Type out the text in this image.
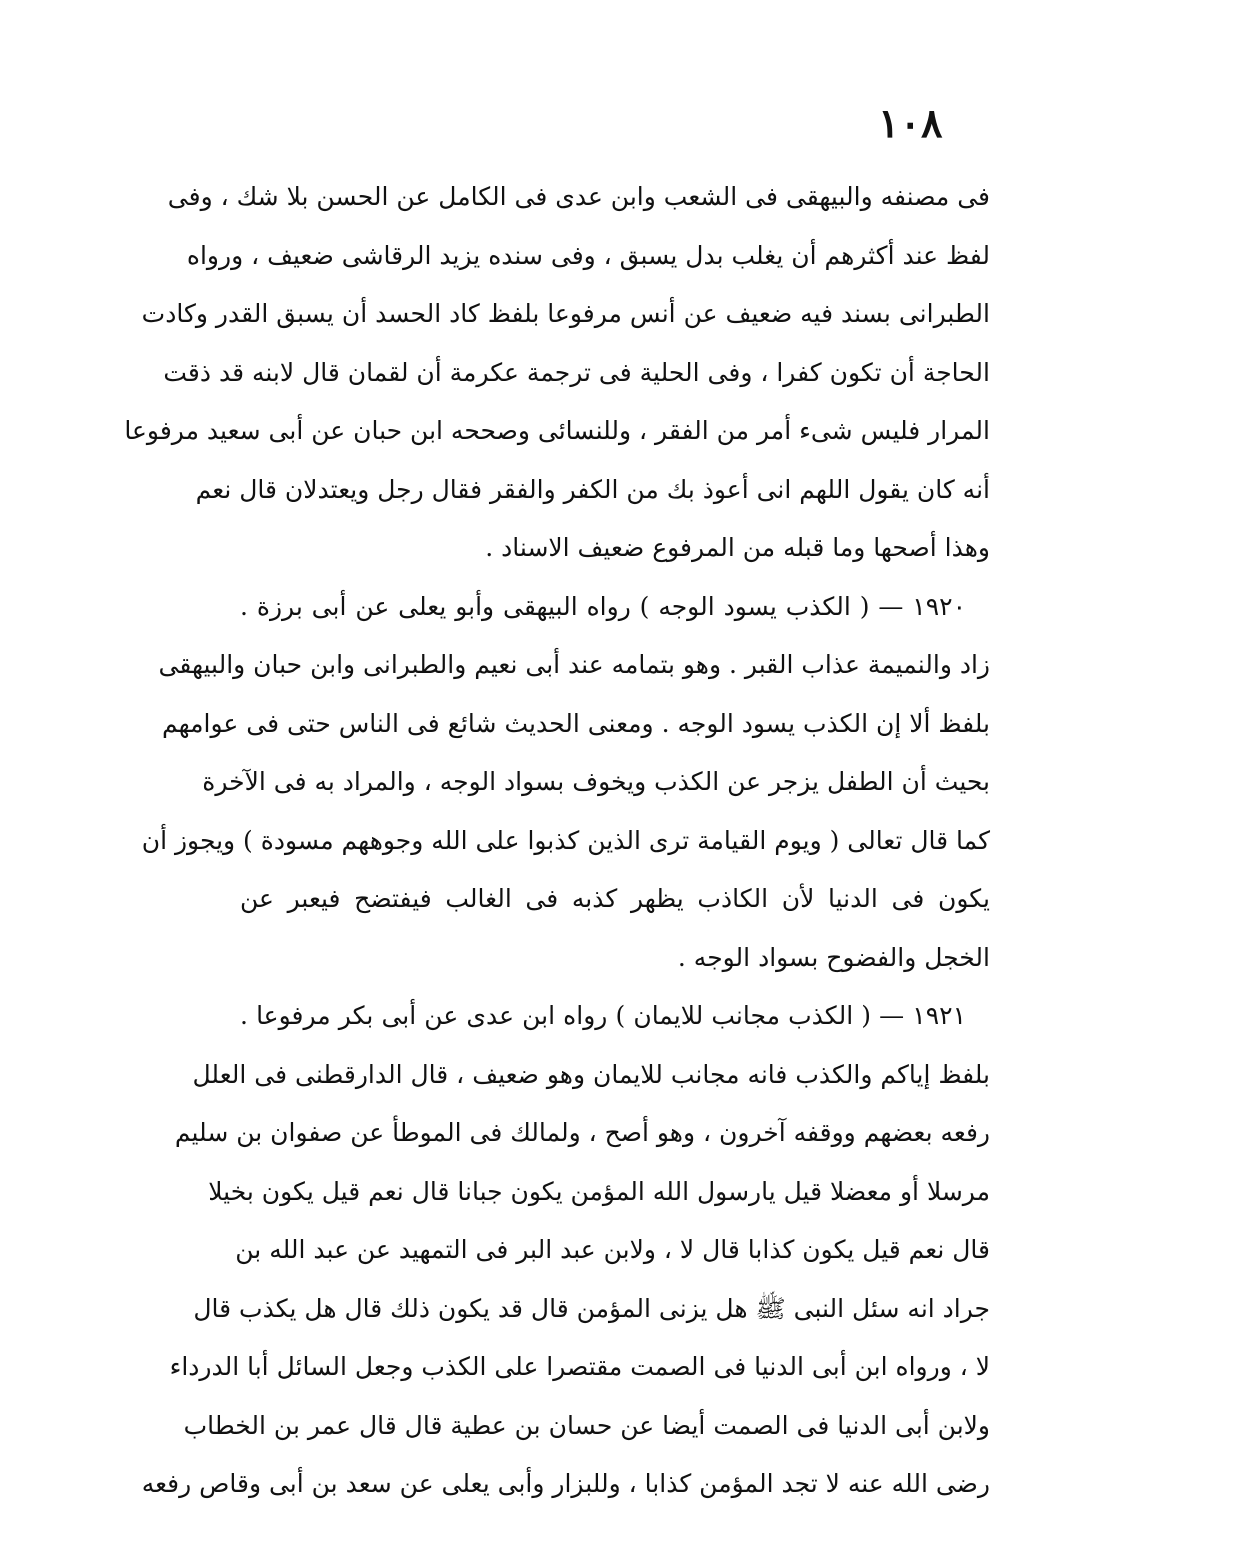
١٠٨
فى مصنفه والبيهقى فى الشعب وابن عدى فى الكامل عن الحسن بلا شك ، وفى
لفظ عند أكثرهم أن يغلب بدل يسبق ، وفى سنده يزيد الرقاشى ضعيف ، ورواه
الطبرانى بسند فيه ضعيف عن أنس مرفوعا بلفظ كاد الحسد أن يسبق القدر وكادت
الحاجة أن تكون كفرا ، وفى الحلية فى ترجمة عكرمة أن لقمان قال لابنه قد ذقت
المرار فليس شىء أمر من الفقر ، وللنسائى وصححه ابن حبان عن أبى سعيد مرفوعا
أنه كان يقول اللهم انى أعوذ بك من الكفر والفقر فقال رجل ويعتدلان قال نعم
وهذا أصحها وما قبله من المرفوع ضعيف الاسناد .
١٩٢٠ — ( الكذب يسود الوجه ) رواه البيهقى وأبو يعلى عن أبى برزة .
زاد والنميمة عذاب القبر . وهو بتمامه عند أبى نعيم والطبرانى وابن حبان والبيهقى
بلفظ ألا إن الكذب يسود الوجه . ومعنى الحديث شائع فى الناس حتى فى عوامهم
بحيث أن الطفل يزجر عن الكذب ويخوف بسواد الوجه ، والمراد به فى الآخرة
كما قال تعالى ( ويوم القيامة ترى الذين كذبوا على الله وجوههم مسودة ) ويجوز أن
يكون فى الدنيا لأن الكاذب يظهر كذبه فى الغالب فيفتضح فيعبر عن
الخجل والفضوح بسواد الوجه .
١٩٢١ — ( الكذب مجانب للايمان ) رواه ابن عدى عن أبى بكر مرفوعا .
بلفظ إياكم والكذب فانه مجانب للايمان وهو ضعيف ، قال الدارقطنى فى العلل
رفعه بعضهم ووقفه آخرون ، وهو أصح ، ولمالك فى الموطأ عن صفوان بن سليم
مرسلا أو معضلا قيل يارسول الله المؤمن يكون جبانا قال نعم قيل يكون بخيلا
قال نعم قيل يكون كذابا قال لا ، ولابن عبد البر فى التمهيد عن عبد الله بن
جراد انه سئل النبى ﷺ هل يزنى المؤمن قال قد يكون ذلك قال هل يكذب قال
لا ، ورواه ابن أبى الدنيا فى الصمت مقتصرا على الكذب وجعل السائل أبا الدرداء
ولابن أبى الدنيا فى الصمت أيضا عن حسان بن عطية قال قال عمر بن الخطاب
رضى الله عنه لا تجد المؤمن كذابا ، وللبزار وأبى يعلى عن سعد بن أبى وقاص رفعه
